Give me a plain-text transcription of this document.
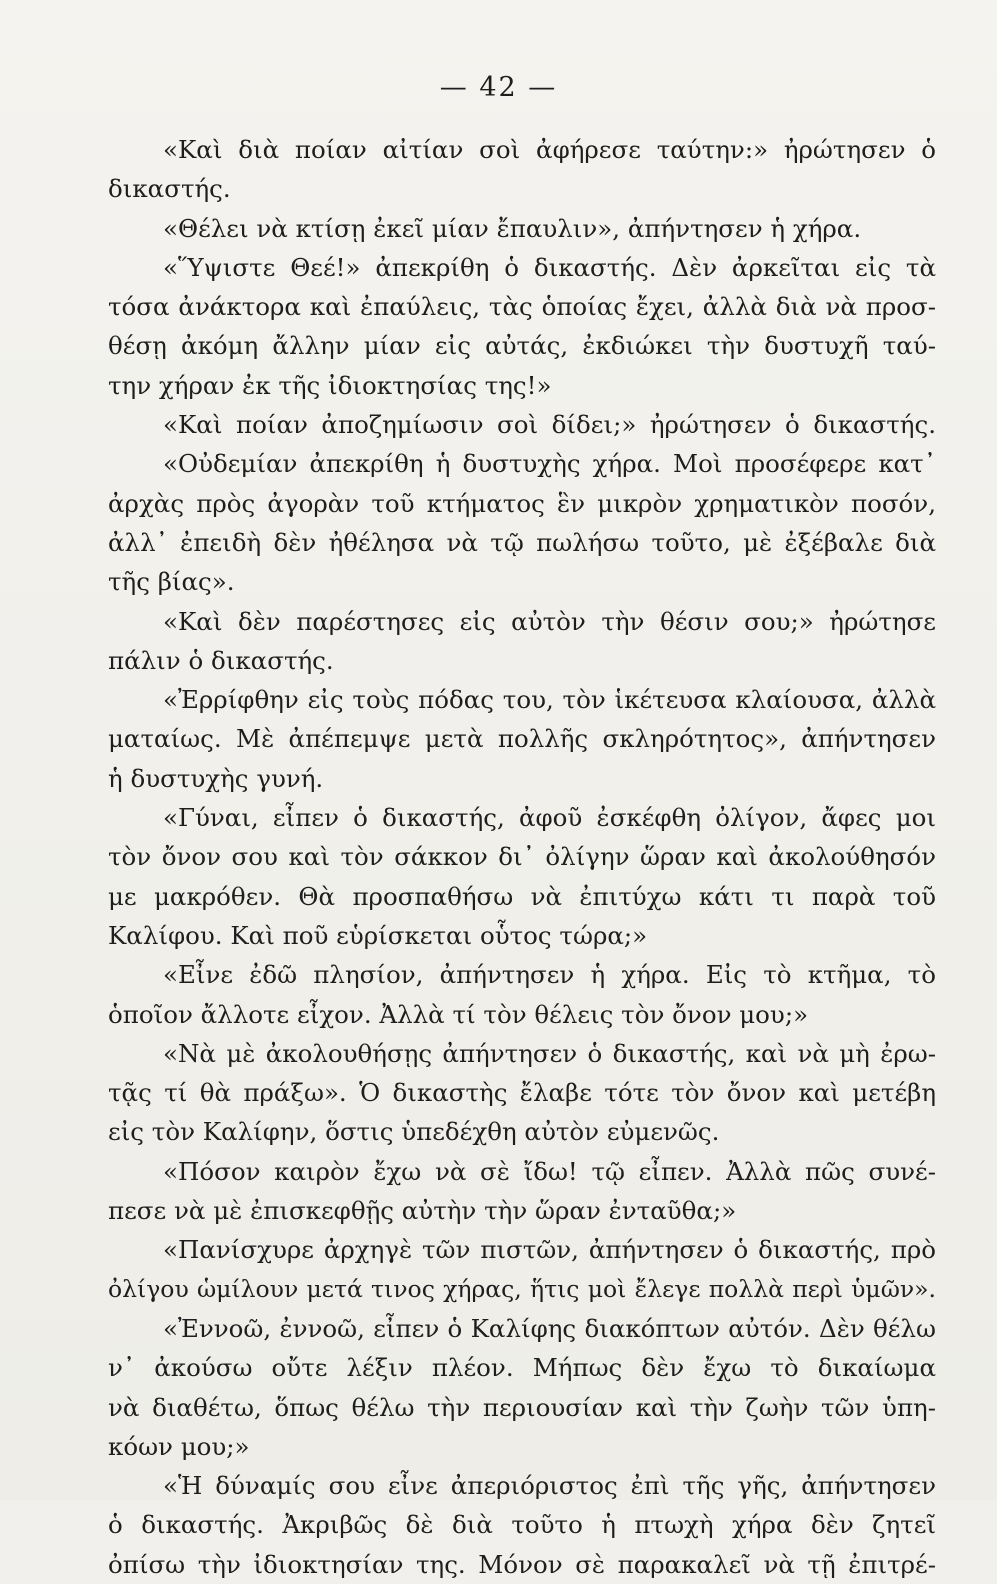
— 42 —
«Καὶ διὰ ποίαν αἰτίαν σοὶ ἀφήρεσε ταύτην:» ἠρώτησεν ὁ
δικαστής.
«Θέλει νὰ κτίσῃ ἐκεῖ μίαν ἔπαυλιν», ἀπήντησεν ἡ χήρα.
«Ὕψιστε Θεέ!» ἀπεκρίθη ὁ δικαστής. Δὲν ἀρκεῖται εἰς τὰ
τόσα ἀνάκτορα καὶ ἐπαύλεις, τὰς ὁποίας ἔχει, ἀλλὰ διὰ νὰ προσ-
θέσῃ ἀκόμη ἄλλην μίαν εἰς αὐτάς, ἐκδιώκει τὴν δυστυχῆ ταύ-
την χήραν ἐκ τῆς ἰδιοκτησίας της!»
«Καὶ ποίαν ἀποζημίωσιν σοὶ δίδει;» ἠρώτησεν ὁ δικαστής.
«Οὐδεμίαν ἀπεκρίθη ἡ δυστυχὴς χήρα. Μοὶ προσέφερε κατ᾽
ἀρχὰς πρὸς ἀγορὰν τοῦ κτήματος ἓν μικρὸν χρηματικὸν ποσόν,
ἀλλ᾽ ἐπειδὴ δὲν ἠθέλησα νὰ τῷ πωλήσω τοῦτο, μὲ ἐξέβαλε διὰ
τῆς βίας».
«Καὶ δὲν παρέστησες εἰς αὐτὸν τὴν θέσιν σου;» ἠρώτησε
πάλιν ὁ δικαστής.
«Ἐρρίφθην εἰς τοὺς πόδας του, τὸν ἱκέτευσα κλαίουσα, ἀλλὰ
ματαίως. Μὲ ἀπέπεμψε μετὰ πολλῆς σκληρότητος», ἀπήντησεν
ἡ δυστυχὴς γυνή.
«Γύναι, εἶπεν ὁ δικαστής, ἀφοῦ ἐσκέφθη ὀλίγον, ἄφες μοι
τὸν ὄνον σου καὶ τὸν σάκκον δι᾽ ὀλίγην ὥραν καὶ ἀκολούθησόν
με μακρόθεν. Θὰ προσπαθήσω νὰ ἐπιτύχω κάτι τι παρὰ τοῦ
Καλίφου. Καὶ ποῦ εὑρίσκεται οὗτος τώρα;»
«Εἶνε ἐδῶ πλησίον, ἀπήντησεν ἡ χήρα. Εἰς τὸ κτῆμα, τὸ
ὁποῖον ἄλλοτε εἶχον. Ἀλλὰ τί τὸν θέλεις τὸν ὄνον μου;»
«Νὰ μὲ ἀκολουθήσῃς ἀπήντησεν ὁ δικαστής, καὶ νὰ μὴ ἐρω-
τᾷς τί θὰ πράξω». Ὁ δικαστὴς ἔλαβε τότε τὸν ὄνον καὶ μετέβη
εἰς τὸν Καλίφην, ὅστις ὑπεδέχθη αὐτὸν εὐμενῶς.
«Πόσον καιρὸν ἔχω νὰ σὲ ἴδω! τῷ εἶπεν. Ἀλλὰ πῶς συνέ-
πεσε νὰ μὲ ἐπισκεφθῇς αὐτὴν τὴν ὥραν ἐνταῦθα;»
«Πανίσχυρε ἀρχηγὲ τῶν πιστῶν, ἀπήντησεν ὁ δικαστής, πρὸ
ὀλίγου ὡμίλουν μετά τινος χήρας, ἥτις μοὶ ἔλεγε πολλὰ περὶ ὑμῶν».
«Ἐννοῶ, ἐννοῶ, εἶπεν ὁ Καλίφης διακόπτων αὐτόν. Δὲν θέλω
ν᾽ ἀκούσω οὔτε λέξιν πλέον. Μήπως δὲν ἔχω τὸ δικαίωμα
νὰ διαθέτω, ὅπως θέλω τὴν περιουσίαν καὶ τὴν ζωὴν τῶν ὑπη-
κόων μου;»
«Ἡ δύναμίς σου εἶνε ἀπεριόριστος ἐπὶ τῆς γῆς, ἀπήντησεν
ὁ δικαστής. Ἀκριβῶς δὲ διὰ τοῦτο ἡ πτωχὴ χήρα δὲν ζητεῖ
ὀπίσω τὴν ἰδιοκτησίαν της. Μόνον σὲ παρακαλεῖ νὰ τῇ ἐπιτρέ-
